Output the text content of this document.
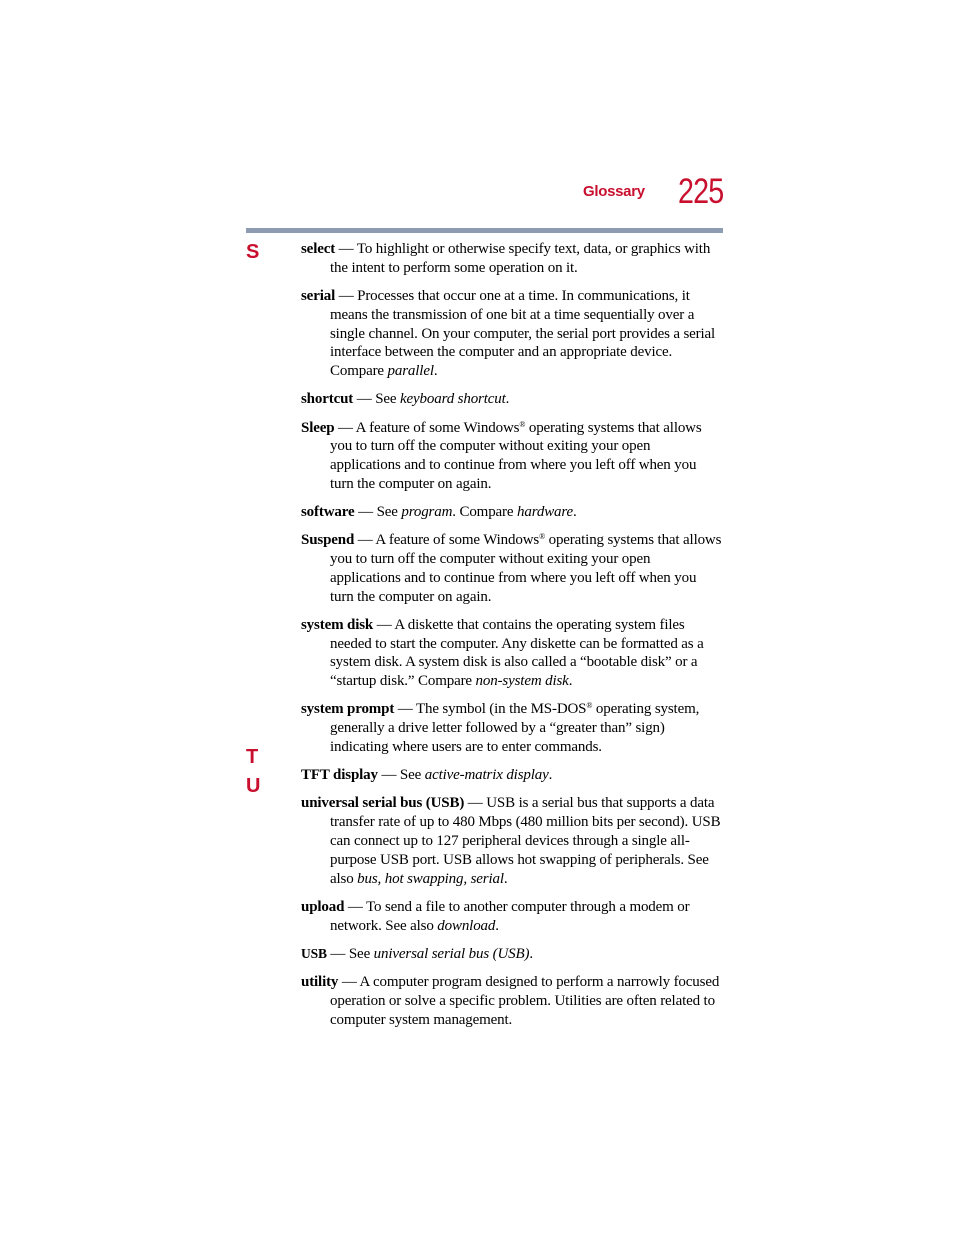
Glossary 225
S
T
U

select — To highlight or otherwise specify text, data, or graphics with the intent to perform some operation on it.

serial — Processes that occur one at a time. In communications, it means the transmission of one bit at a time sequentially over a single channel. On your computer, the serial port provides a serial interface between the computer and an appropriate device. Compare parallel.

shortcut — See keyboard shortcut.

Sleep — A feature of some Windows® operating systems that allows you to turn off the computer without exiting your open applications and to continue from where you left off when you turn the computer on again.

software — See program. Compare hardware.

Suspend — A feature of some Windows® operating systems that allows you to turn off the computer without exiting your open applications and to continue from where you left off when you turn the computer on again.

system disk — A diskette that contains the operating system files needed to start the computer. Any diskette can be formatted as a system disk. A system disk is also called a “bootable disk” or a “startup disk.” Compare non-system disk.

system prompt — The symbol (in the MS-DOS® operating system, generally a drive letter followed by a “greater than” sign) indicating where users are to enter commands.

TFT display — See active-matrix display.

universal serial bus (USB) — USB is a serial bus that supports a data transfer rate of up to 480 Mbps (480 million bits per second). USB can connect up to 127 peripheral devices through a single all-purpose USB port. USB allows hot swapping of peripherals. See also bus, hot swapping, serial.

upload — To send a file to another computer through a modem or network. See also download.

USB — See universal serial bus (USB).

utility — A computer program designed to perform a narrowly focused operation or solve a specific problem. Utilities are often related to computer system management.
